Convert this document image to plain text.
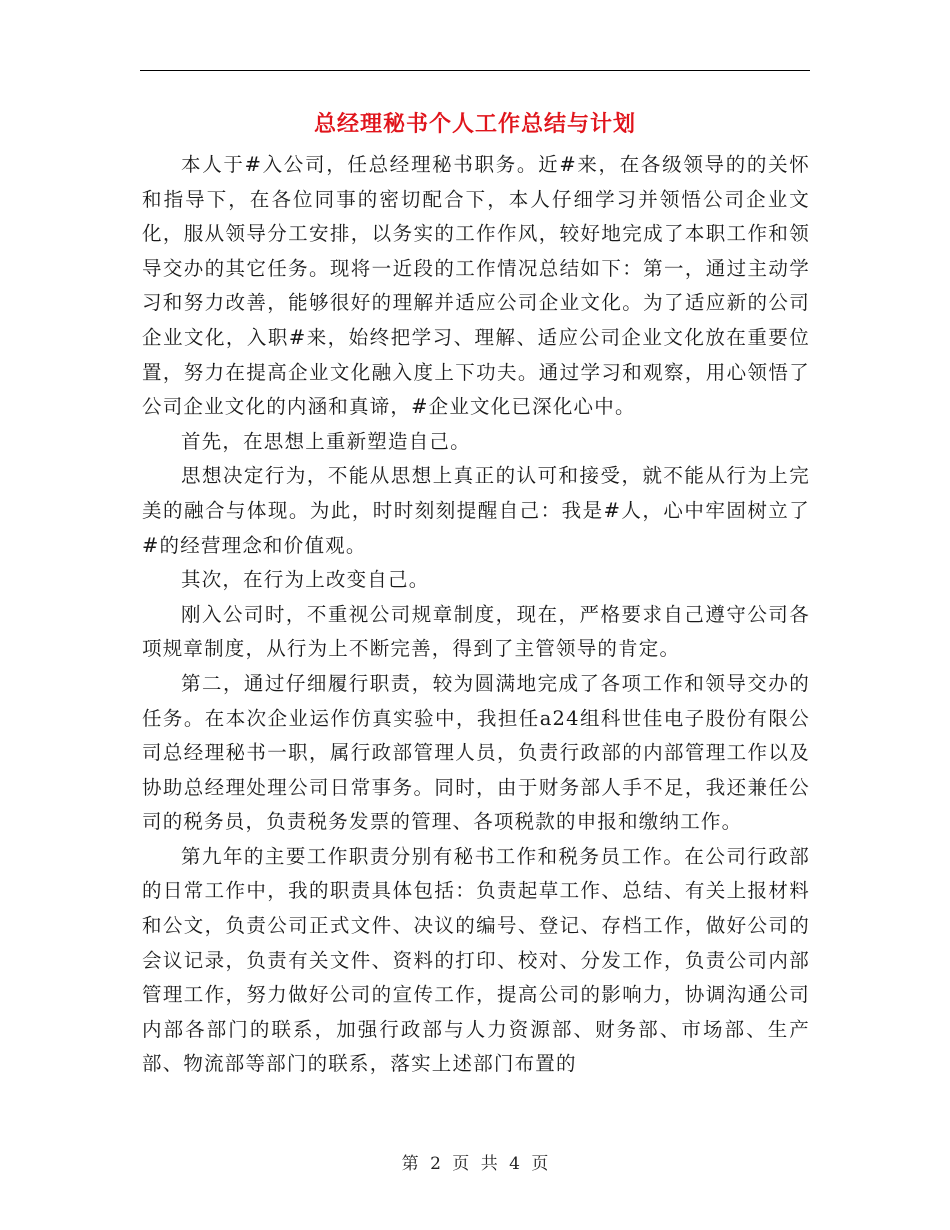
总经理秘书个人工作总结与计划

本人于#入公司，任总经理秘书职务。近#来，在各级领导的的关怀和指导下，在各位同事的密切配合下，本人仔细学习并领悟公司企业文化，服从领导分工安排，以务实的工作作风，较好地完成了本职工作和领导交办的其它任务。现将一近段的工作情况总结如下：第一，通过主动学习和努力改善，能够很好的理解并适应公司企业文化。为了适应新的公司企业文化，入职#来，始终把学习、理解、适应公司企业文化放在重要位置，努力在提高企业文化融入度上下功夫。通过学习和观察，用心领悟了公司企业文化的内涵和真谛，#企业文化已深化心中。

首先，在思想上重新塑造自己。

思想决定行为，不能从思想上真正的认可和接受，就不能从行为上完美的融合与体现。为此，时时刻刻提醒自己：我是#人，心中牢固树立了#的经营理念和价值观。

其次，在行为上改变自己。

刚入公司时，不重视公司规章制度，现在，严格要求自己遵守公司各项规章制度，从行为上不断完善，得到了主管领导的肯定。

第二，通过仔细履行职责，较为圆满地完成了各项工作和领导交办的任务。在本次企业运作仿真实验中，我担任a24组科世佳电子股份有限公司总经理秘书一职，属行政部管理人员，负责行政部的内部管理工作以及协助总经理处理公司日常事务。同时，由于财务部人手不足，我还兼任公司的税务员，负责税务发票的管理、各项税款的申报和缴纳工作。

第九年的主要工作职责分别有秘书工作和税务员工作。在公司行政部的日常工作中，我的职责具体包括：负责起草工作、总结、有关上报材料和公文，负责公司正式文件、决议的编号、登记、存档工作，做好公司的会议记录，负责有关文件、资料的打印、校对、分发工作，负责公司内部管理工作，努力做好公司的宣传工作，提高公司的影响力，协调沟通公司内部各部门的联系，加强行政部与人力资源部、财务部、市场部、生产部、物流部等部门的联系，落实上述部门布置的

第 2 页 共 4 页
